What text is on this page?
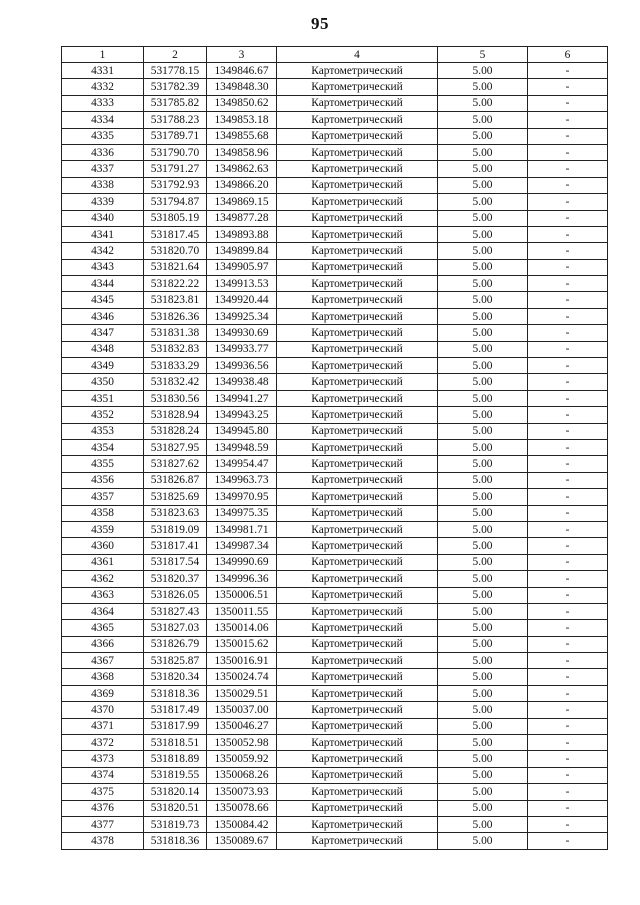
95
1	2	3	4	5	6
4331	531778.15	1349846.67	Картометрический	5.00	-
4332	531782.39	1349848.30	Картометрический	5.00	-
4333	531785.82	1349850.62	Картометрический	5.00	-
4334	531788.23	1349853.18	Картометрический	5.00	-
4335	531789.71	1349855.68	Картометрический	5.00	-
4336	531790.70	1349858.96	Картометрический	5.00	-
4337	531791.27	1349862.63	Картометрический	5.00	-
4338	531792.93	1349866.20	Картометрический	5.00	-
4339	531794.87	1349869.15	Картометрический	5.00	-
4340	531805.19	1349877.28	Картометрический	5.00	-
4341	531817.45	1349893.88	Картометрический	5.00	-
4342	531820.70	1349899.84	Картометрический	5.00	-
4343	531821.64	1349905.97	Картометрический	5.00	-
4344	531822.22	1349913.53	Картометрический	5.00	-
4345	531823.81	1349920.44	Картометрический	5.00	-
4346	531826.36	1349925.34	Картометрический	5.00	-
4347	531831.38	1349930.69	Картометрический	5.00	-
4348	531832.83	1349933.77	Картометрический	5.00	-
4349	531833.29	1349936.56	Картометрический	5.00	-
4350	531832.42	1349938.48	Картометрический	5.00	-
4351	531830.56	1349941.27	Картометрический	5.00	-
4352	531828.94	1349943.25	Картометрический	5.00	-
4353	531828.24	1349945.80	Картометрический	5.00	-
4354	531827.95	1349948.59	Картометрический	5.00	-
4355	531827.62	1349954.47	Картометрический	5.00	-
4356	531826.87	1349963.73	Картометрический	5.00	-
4357	531825.69	1349970.95	Картометрический	5.00	-
4358	531823.63	1349975.35	Картометрический	5.00	-
4359	531819.09	1349981.71	Картометрический	5.00	-
4360	531817.41	1349987.34	Картометрический	5.00	-
4361	531817.54	1349990.69	Картометрический	5.00	-
4362	531820.37	1349996.36	Картометрический	5.00	-
4363	531826.05	1350006.51	Картометрический	5.00	-
4364	531827.43	1350011.55	Картометрический	5.00	-
4365	531827.03	1350014.06	Картометрический	5.00	-
4366	531826.79	1350015.62	Картометрический	5.00	-
4367	531825.87	1350016.91	Картометрический	5.00	-
4368	531820.34	1350024.74	Картометрический	5.00	-
4369	531818.36	1350029.51	Картометрический	5.00	-
4370	531817.49	1350037.00	Картометрический	5.00	-
4371	531817.99	1350046.27	Картометрический	5.00	-
4372	531818.51	1350052.98	Картометрический	5.00	-
4373	531818.89	1350059.92	Картометрический	5.00	-
4374	531819.55	1350068.26	Картометрический	5.00	-
4375	531820.14	1350073.93	Картометрический	5.00	-
4376	531820.51	1350078.66	Картометрический	5.00	-
4377	531819.73	1350084.42	Картометрический	5.00	-
4378	531818.36	1350089.67	Картометрический	5.00	-
